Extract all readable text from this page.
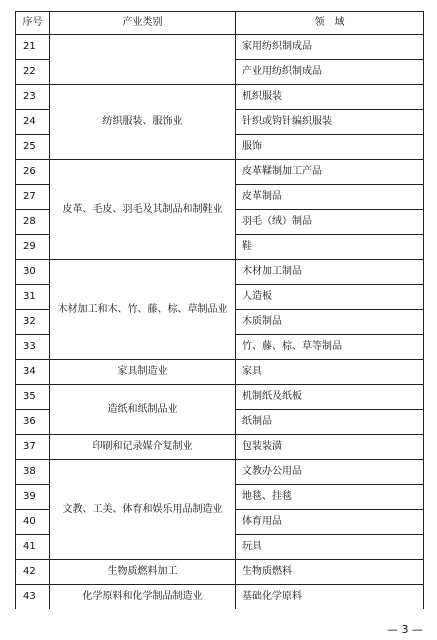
序号	产业类别	领　域
21		家用纺织制成品
22		产业用纺织制成品
23	纺织服装、服饰业	机织服装
24		针织或钩针编织服装
25		服饰
26	皮革、毛皮、羽毛及其制品和制鞋业	皮革鞣制加工产品
27		皮革制品
28		羽毛（绒）制品
29		鞋
30	木材加工和木、竹、藤、棕、草制品业	木材加工制品
31		人造板
32		木质制品
33		竹、藤、棕、草等制品
34	家具制造业	家具
35	造纸和纸制品业	机制纸及纸板
36		纸制品
37	印刷和记录媒介复制业	包装装潢
38	文教、工美、体育和娱乐用品制造业	文教办公用品
39		地毯、挂毯
40		体育用品
41		玩具
42	生物质燃料加工	生物质燃料
43	化学原料和化学制品制造业	基础化学原料
— 3 —
